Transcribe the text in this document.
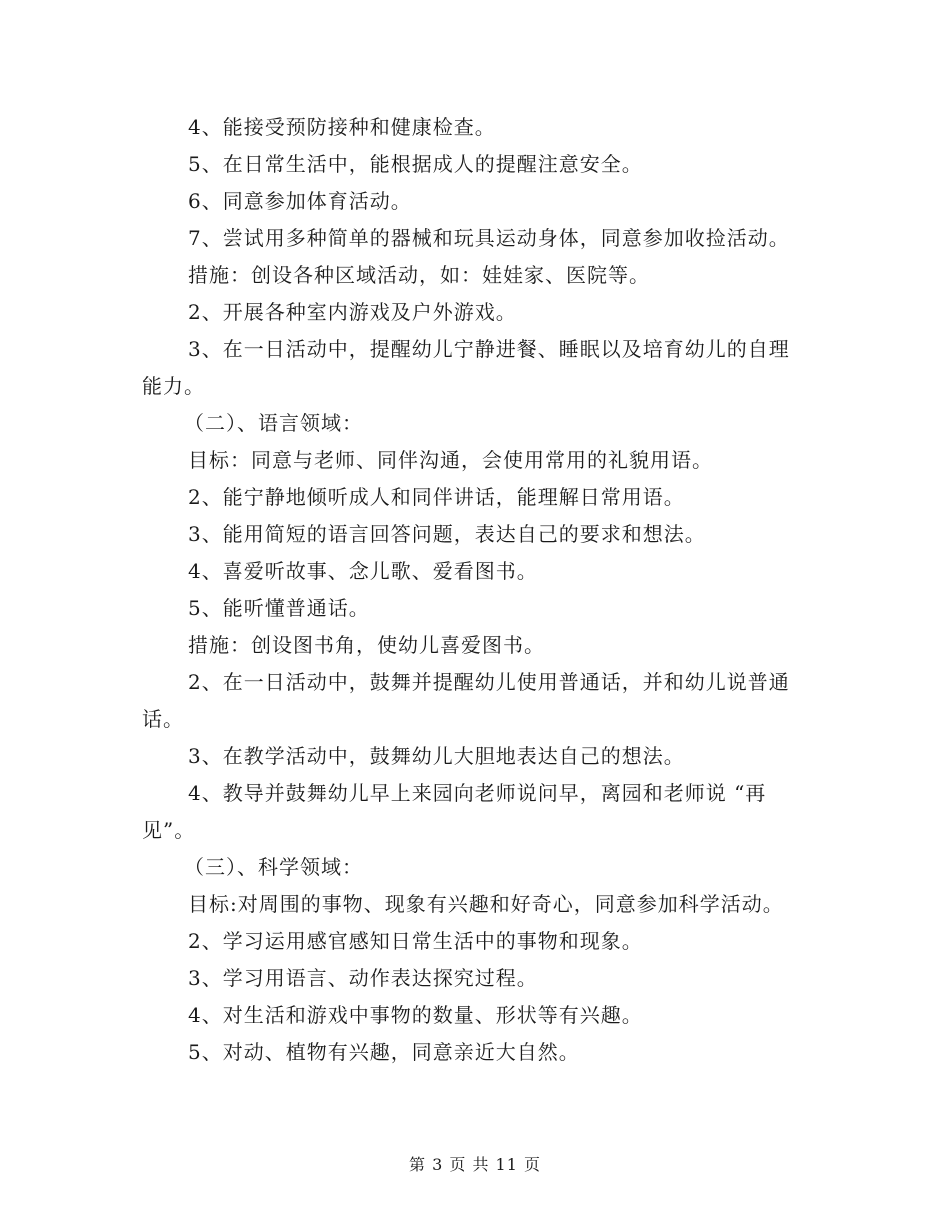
4、能接受预防接种和健康检查。
5、在日常生活中，能根据成人的提醒注意安全。
6、同意参加体育活动。
7、尝试用多种简单的器械和玩具运动身体，同意参加收捡活动。
措施：创设各种区域活动，如：娃娃家、医院等。
2、开展各种室内游戏及户外游戏。
3、在一日活动中，提醒幼儿宁静进餐、睡眠以及培育幼儿的自理
能力。
（二）、语言领域：
目标：同意与老师、同伴沟通，会使用常用的礼貌用语。
2、能宁静地倾听成人和同伴讲话，能理解日常用语。
3、能用简短的语言回答问题，表达自己的要求和想法。
4、喜爱听故事、念儿歌、爱看图书。
5、能听懂普通话。
措施：创设图书角，使幼儿喜爱图书。
2、在一日活动中，鼓舞并提醒幼儿使用普通话，并和幼儿说普通
话。
3、在教学活动中，鼓舞幼儿大胆地表达自己的想法。
4、教导并鼓舞幼儿早上来园向老师说问早，离园和老师说 “再
见”。
（三）、科学领域：
目标:对周围的事物、现象有兴趣和好奇心，同意参加科学活动。
2、学习运用感官感知日常生活中的事物和现象。
3、学习用语言、动作表达探究过程。
4、对生活和游戏中事物的数量、形状等有兴趣。
5、对动、植物有兴趣，同意亲近大自然。
第 3 页 共 11 页
